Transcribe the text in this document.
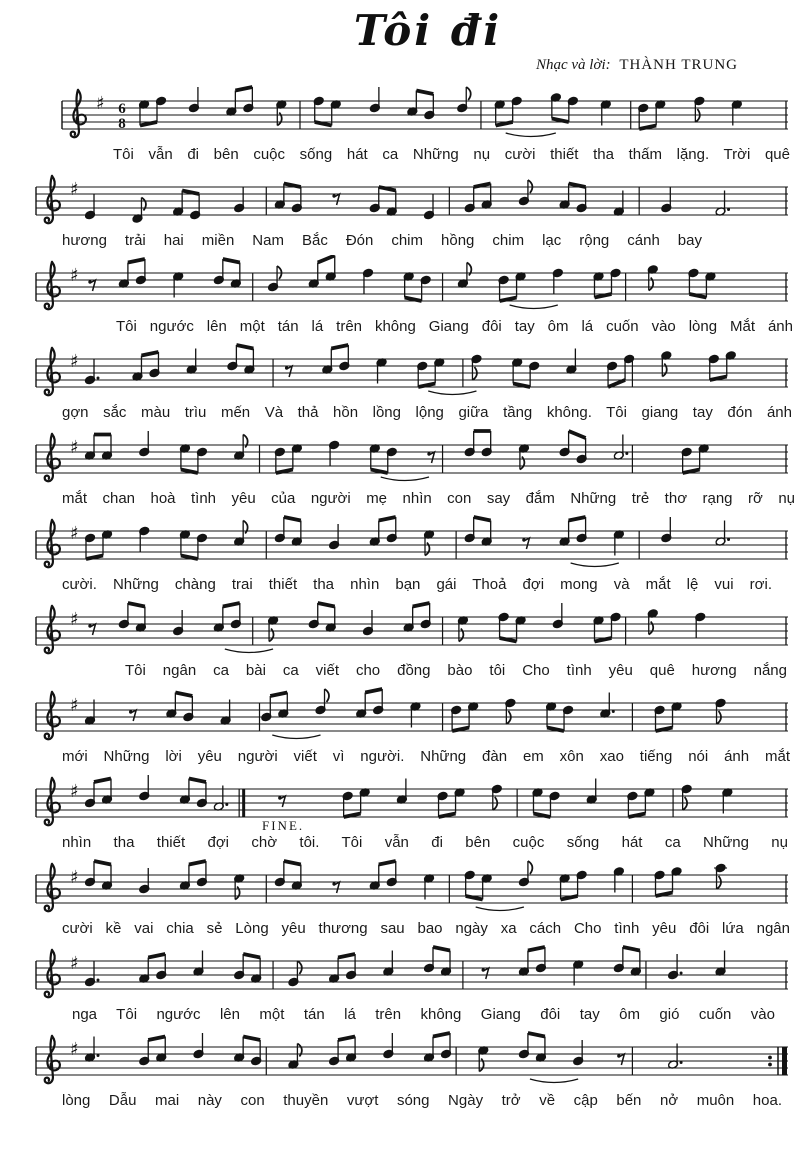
Tôi đi
Nhạc và lời: THÀNH TRUNG
♯ 6
8
Tôi vẫn đi bên cuộc sống hát ca Những nụ cười thiết tha thấm lặng. Trời quê
♯
hương trải hai miền Nam Bắc Đón chim hồng chim lạc rộng cánh bay
♯
Tôi ngước lên một tán lá trên không Giang đôi tay ôm lá cuốn vào lòng Mắt ánh
♯
gợn sắc màu trìu mến Và thả hồn lồng lộng giữa tầng không. Tôi giang tay đón ánh
♯
mắt chan hoà tình yêu của người mẹ nhìn con say đắm Những trẻ thơ rạng rỡ nụ
♯
cười. Những chàng trai thiết tha nhìn bạn gái Thoả đợi mong và mắt lệ vui rơi.
♯
Tôi ngân ca bài ca viết cho đồng bào tôi Cho tình yêu quê hương nắng
♯
mới Những lời yêu người viết vì người. Những đàn em xôn xao tiếng nói ánh mắt
♯
nhìn tha thiết đợi chờ tôi. Tôi vẫn đi bên cuộc sống hát ca Những nụ
FINE.
♯
cười kề vai chia sẻ Lòng yêu thương sau bao ngày xa cách Cho tình yêu đôi lứa ngân
♯
nga Tôi ngước lên một tán lá trên không Giang đôi tay ôm gió cuốn vào
♯
lòng Dẫu mai này con thuyền vượt sóng Ngày trở về cập bến nở muôn hoa.
